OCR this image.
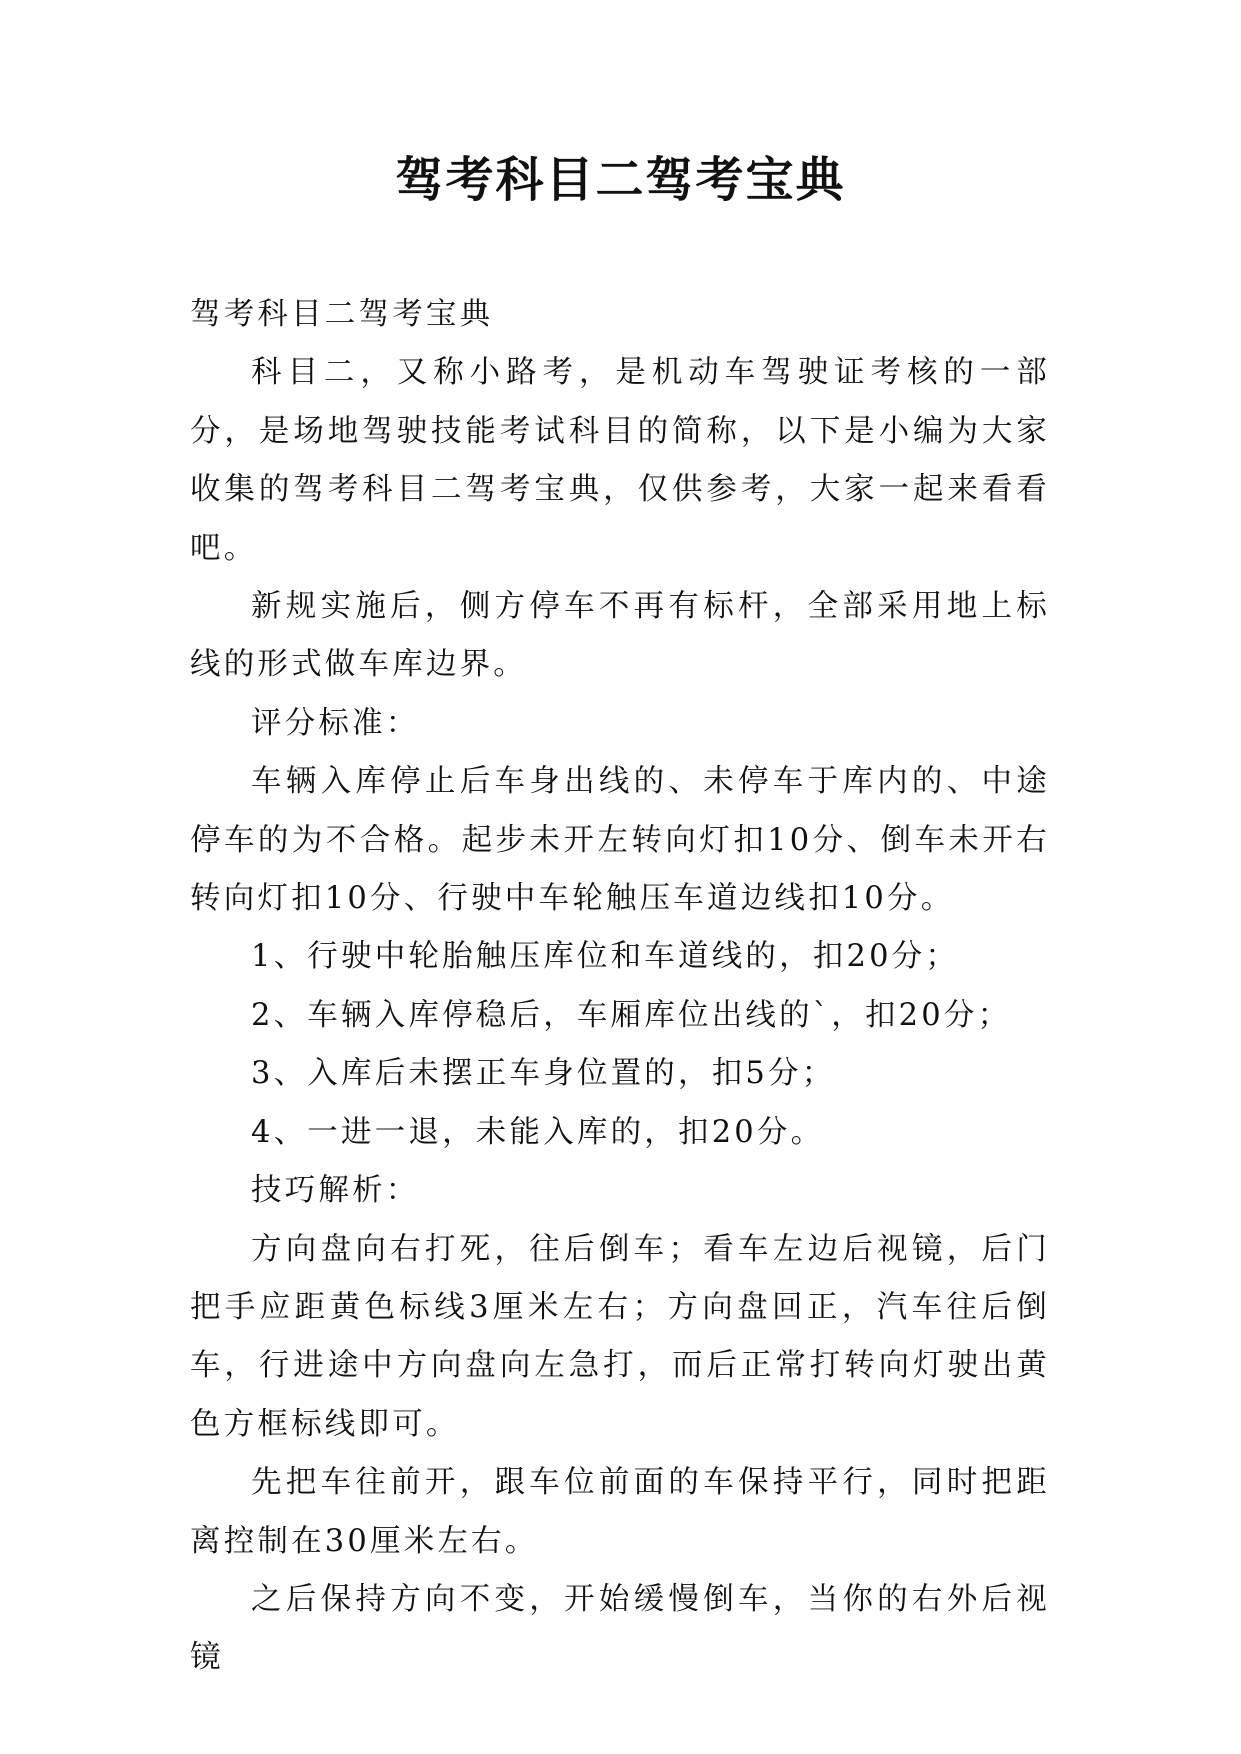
驾考科目二驾考宝典

驾考科目二驾考宝典

科目二，又称小路考，是机动车驾驶证考核的一部分，是场地驾驶技能考试科目的简称，以下是小编为大家收集的驾考科目二驾考宝典，仅供参考，大家一起来看看吧。

新规实施后，侧方停车不再有标杆，全部采用地上标线的形式做车库边界。

评分标准：

车辆入库停止后车身出线的、未停车于库内的、中途停车的为不合格。起步未开左转向灯扣10分、倒车未开右转向灯扣10分、行驶中车轮触压车道边线扣10分。

1、行驶中轮胎触压库位和车道线的，扣20分；

2、车辆入库停稳后，车厢库位出线的`，扣20分；

3、入库后未摆正车身位置的，扣5分；

4、一进一退，未能入库的，扣20分。

技巧解析：

方向盘向右打死，往后倒车；看车左边后视镜，后门把手应距黄色标线3厘米左右；方向盘回正，汽车往后倒车，行进途中方向盘向左急打，而后正常打转向灯驶出黄色方框标线即可。

先把车往前开，跟车位前面的车保持平行，同时把距离控制在30厘米左右。

之后保持方向不变，开始缓慢倒车，当你的右外后视镜
